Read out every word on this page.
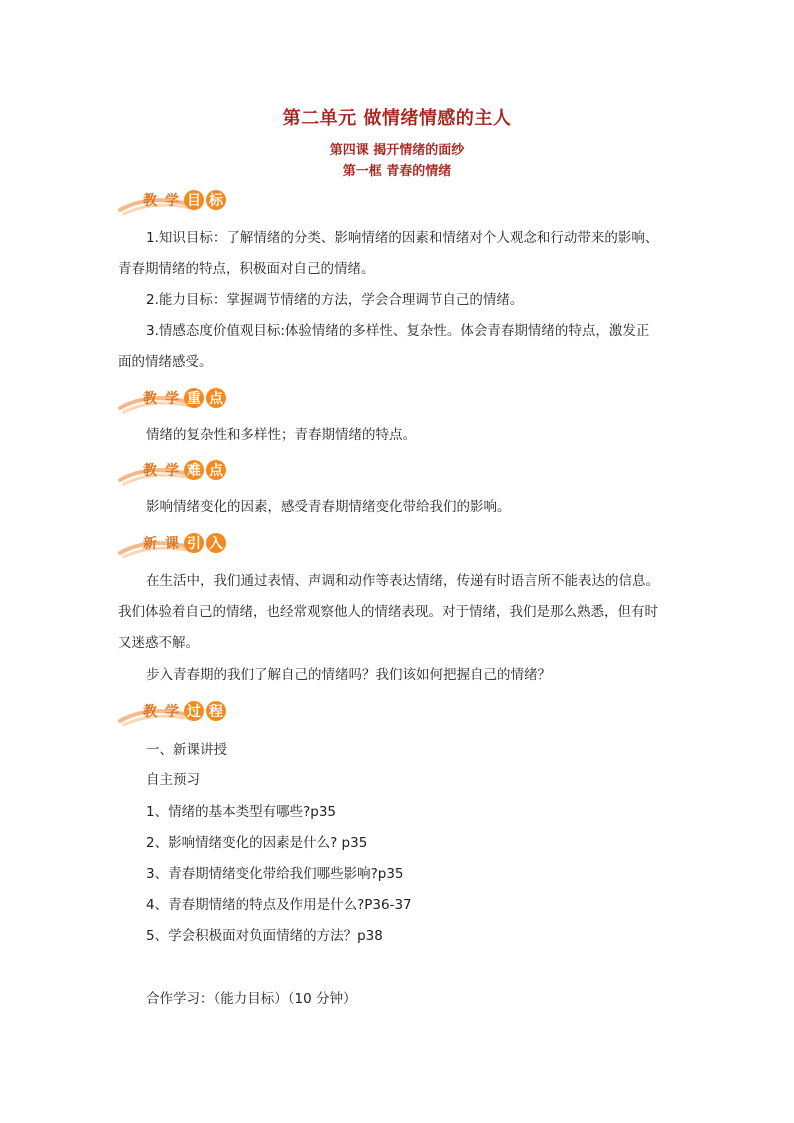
第二单元 做情绪情感的主人
第四课 揭开情绪的面纱
第一框 青春的情绪
教 学 目 标
1.知识目标：了解情绪的分类、影响情绪的因素和情绪对个人观念和行动带来的影响、
青春期情绪的特点，积极面对自己的情绪。
2.能力目标：掌握调节情绪的方法，学会合理调节自己的情绪。
3.情感态度价值观目标:体验情绪的多样性、复杂性。体会青春期情绪的特点，激发正
面的情绪感受。
教 学 重 点
情绪的复杂性和多样性；青春期情绪的特点。
教 学 难 点
影响情绪变化的因素，感受青春期情绪变化带给我们的影响。
新 课 引 入
在生活中，我们通过表情、声调和动作等表达情绪，传递有时语言所不能表达的信息。
我们体验着自己的情绪，也经常观察他人的情绪表现。对于情绪，我们是那么熟悉，但有时
又迷惑不解。
步入青春期的我们了解自己的情绪吗？我们该如何把握自己的情绪？
教 学 过 程
一、新课讲授
自主预习
1、情绪的基本类型有哪些?p35
2、影响情绪变化的因素是什么? p35
3、青春期情绪变化带给我们哪些影响?p35
4、青春期情绪的特点及作用是什么?P36-37
5、学会积极面对负面情绪的方法？p38
合作学习：（能力目标）（10 分钟）
